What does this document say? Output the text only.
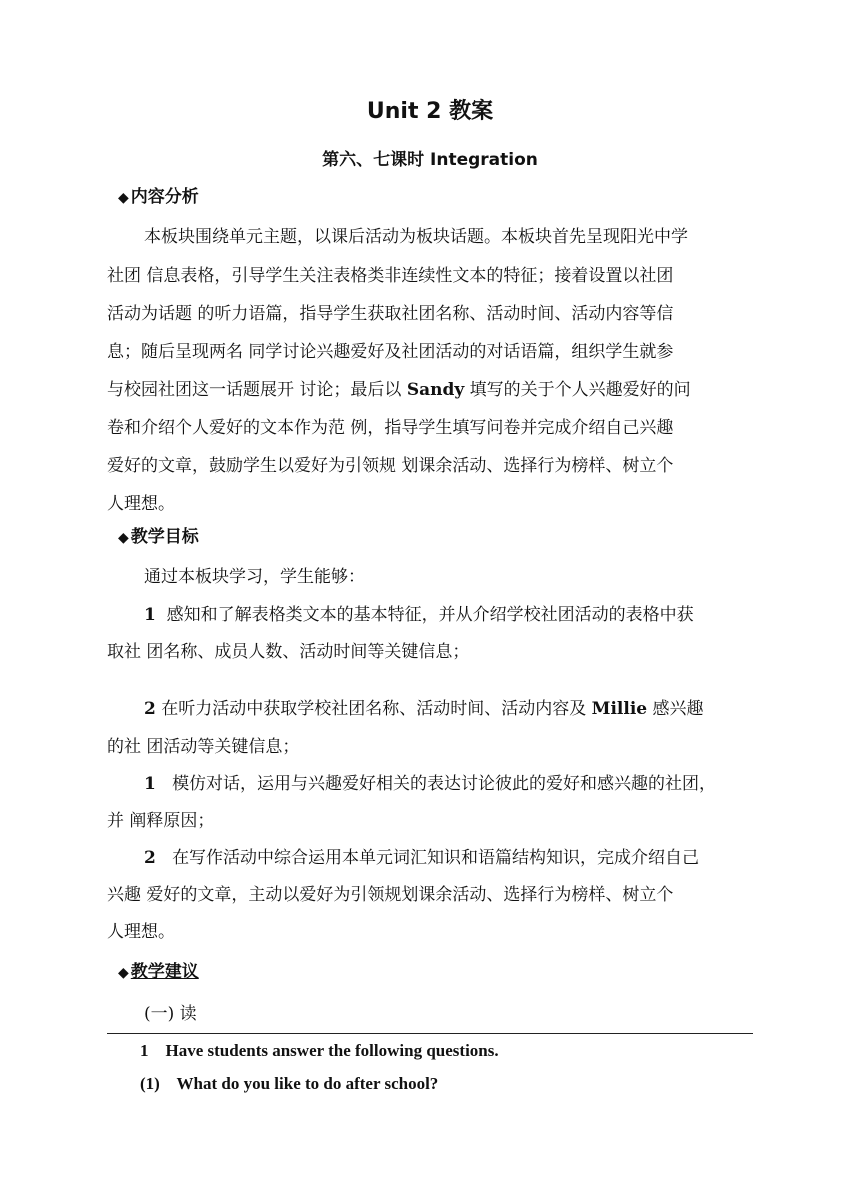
Unit 2 教案
第六、七课时 Integration
◆ 内容分析
本板块围绕单元主题，以课后活动为板块话题。本板块首先呈现阳光中学
社团 信息表格，引导学生关注表格类非连续性文本的特征；接着设置以社团
活动为话题 的听力语篇，指导学生获取社团名称、活动时间、活动内容等信
息；随后呈现两名 同学讨论兴趣爱好及社团活动的对话语篇，组织学生就参
与校园社团这一话题展开 讨论；最后以 Sandy 填写的关于个人兴趣爱好的问
卷和介绍个人爱好的文本作为范 例，指导学生填写问卷并完成介绍自己兴趣
爱好的文章，鼓励学生以爱好为引领规 划课余活动、选择行为榜样、树立个
人理想。
◆ 教学目标
通过本板块学习，学生能够：
1 感知和了解表格类文本的基本特征，并从介绍学校社团活动的表格中获
取社 团名称、成员人数、活动时间等关键信息；
2 在听力活动中获取学校社团名称、活动时间、活动内容及 Millie 感兴趣
的社 团活动等关键信息；
1 模仿对话，运用与兴趣爱好相关的表达讨论彼此的爱好和感兴趣的社团，
并 阐释原因；
2 在写作活动中综合运用本单元词汇知识和语篇结构知识，完成介绍自己
兴趣 爱好的文章，主动以爱好为引领规划课余活动、选择行为榜样、树立个
人理想。
◆ 教学建议
(一) 读
1    Have students answer the following questions.
(1)    What do you like to do after school?
